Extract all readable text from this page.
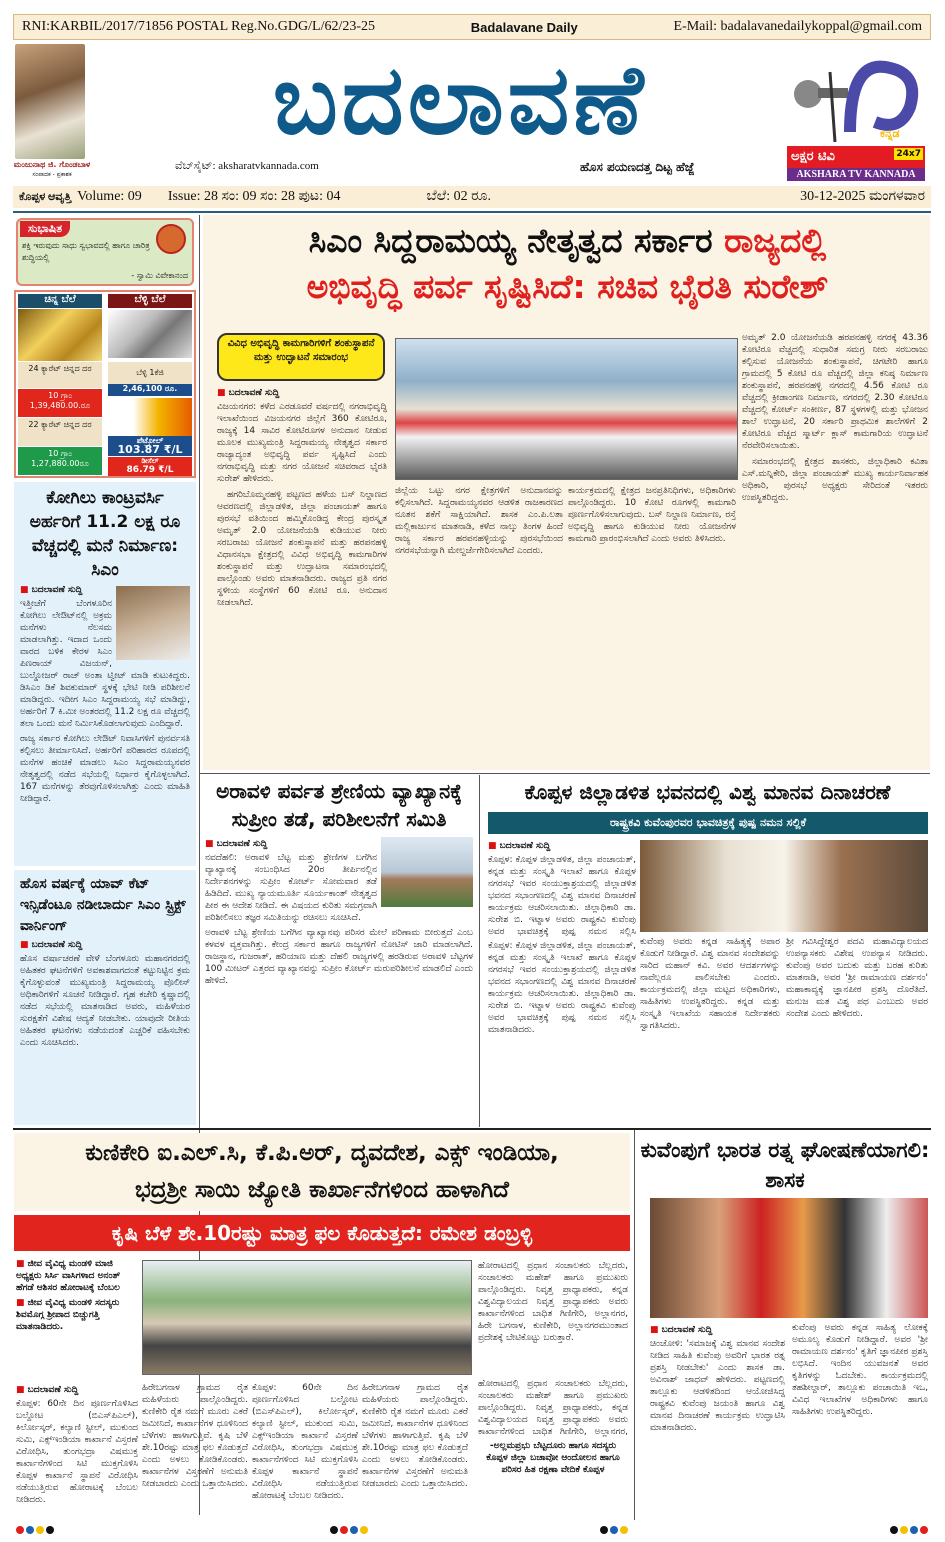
RNI:KARBIL/2017/71856 POSTAL Reg.No.GDG/L/62/23-25	Badalavane Daily	E-Mail: badalavanedailykoppal@gmail.com
ಮಂಜುನಾಥ ಜಿ. ಗೊಂಡಬಾಳ
ಸಂಪಾದಕ - ಪ್ರಕಾಶಕ
ಬದಲಾವಣೆ
ವೆಬ್‌ಸೈಟ್: aksharatvkannada.com	ಹೊಸ ಪಯಣದತ್ತ ದಿಟ್ಟ ಹೆಜ್ಜೆ
ಕನ್ನಡ
ಅಕ್ಷರ ಟಿವಿ	24x7
AKSHARA TV KANNADA
ಕೊಪ್ಪಳ ಆವೃತ್ತಿ Volume: 09 Issue: 28 ಸಂ: 09 ಸಂ: 28 ಪುಟ: 04	ಬೆಲೆ: 02 ರೂ.	30-12-2025 ಮಂಗಳವಾರ
ಸುಭಾಷಿತ
ಶಕ್ತಿ ಇರುವುದು ಸಾಧು ಸ್ವಭಾವದಲ್ಲಿ ಹಾಗೂ ಚಾರಿತ್ರ ಶುದ್ಧಿಯಲ್ಲಿ
- ಸ್ವಾಮಿ ವಿವೇಕಾನಂದ
ಚಿನ್ನ ಬೆಲೆ
24 ಕ್ಯಾರೆಟ್ ಚಿನ್ನದ ದರ
10 ಗ್ರಾಂ
1,39,480.00.ರೂ
22 ಕ್ಯಾರೆಟ್ ಚಿನ್ನದ ದರ
10 ಗ್ರಾಂ
1,27,880.00ರೂ
ಬೆಳ್ಳಿ ಬೆಲೆ
ಬೆಳ್ಳಿ 1ಕೆಜಿ
2,46,100 ರೂ.
ಪೆಟ್ರೋಲ್
103.87 ₹/L
ಡೀಸೆಲ್
86.79 ₹/L
ಕೋಗಿಲು ಕಾಂಟ್ರವರ್ಸಿ ಅರ್ಹರಿಗೆ 11.2 ಲಕ್ಷ ರೂ ವೆಚ್ಚದಲ್ಲಿ ಮನೆ ನಿರ್ಮಾಣ: ಸಿಎಂ
■ ಬದಲಾವಣೆ ಸುದ್ದಿ

ಇತ್ತೀಚೆಗೆ ಬೆಂಗಳೂರಿನ ಕೋಗಿಲು ಲೇಔಟ್‌ನಲ್ಲಿ ಅಕ್ರಮ ಮನೆಗಳು ನೆಲಸಮ ಮಾಡಲಾಗಿತ್ತು. ಇದಾದ ಒಂದು ವಾರದ ಬಳಿಕ ಕೇರಳ ಸಿಎಂ ಪಿಣರಾಯ್ ವಿಜಯನ್, ಬುಲ್ಡೋಜರ್ ರಾಜ್ ಅಂತಾ ಟ್ವೀಟ್ ಮಾಡಿ ಕುಟುಕಿದ್ದರು. ಡಿಸಿಎಂ ಡಿಕೆ ಶಿವಕುಮಾರ್ ಸ್ಥಳಕ್ಕೆ ಭೇಟಿ ನೀಡಿ ಪರಿಶೀಲನೆ ಮಾಡಿದ್ದರು. ಇದೀಗ ಸಿಎಂ ಸಿದ್ದರಾಮಯ್ಯ ಸಭೆ ಮಾಡಿದ್ದು, ಅರ್ಹರಿಗೆ 7 ಕಿ.ಮೀ ಅಂತರದಲ್ಲಿ 11.2 ಲಕ್ಷ ರೂ ವೆಚ್ಚದಲ್ಲಿ ತಲಾ ಒಂದು ಮನೆ ನಿರ್ಮಿಸಿಕೊಡಲಾಗುವುದು ಎಂದಿದ್ದಾರೆ.

ರಾಜ್ಯ ಸರ್ಕಾರ ಕೋಗಿಲು ಲೇಔಟ್ ನಿವಾಸಿಗಳಿಗೆ ಪುನರ್ವಸತಿ ಕಲ್ಪಿಸಲು ತೀರ್ಮಾನಿಸಿದೆ. ಅರ್ಹರಿಗೆ ಪರಿಹಾರದ ರೂಪದಲ್ಲಿ ಮನೆಗಳ ಹಂಚಿಕೆ ಮಾಡಲು ಸಿಎಂ ಸಿದ್ದರಾಮಯ್ಯನವರ ನೇತೃತ್ವದಲ್ಲಿ ನಡೆದ ಸಭೆಯಲ್ಲಿ ನಿರ್ಧಾರ ಕೈಗೊಳ್ಳಲಾಗಿದೆ. 167 ಮನೆಗಳನ್ನು ತೆರವುಗೊಳಿಸಲಾಗಿತ್ತು ಎಂದು ಮಾಹಿತಿ ನೀಡಿದ್ದಾರೆ.

ಹೊಸ ವರ್ಷಕ್ಕೆ ಯಾವ್ ಕೆಟ್ ಇನ್ಸಿಡೆಂಟೂ ನಡೀಬಾರ್ದು ಸಿಎಂ ಸ್ಟ್ರಿಕ್ಟ್ ವಾರ್ನಿಂಗ್
■ ಬದಲಾವಣೆ ಸುದ್ದಿ

ಹೊಸ ವರ್ಷಾಚರಣೆ ವೇಳೆ ಬೆಂಗಳೂರು ಮಹಾನಗರದಲ್ಲಿ ಅಹಿತಕರ ಘಟನೆಗಳಿಗೆ ಅವಕಾಶವಾಗದಂತೆ ಕಟ್ಟುನಿಟ್ಟಿನ ಕ್ರಮ ಕೈಗೊಳ್ಳುವಂತೆ ಮುಖ್ಯಮಂತ್ರಿ ಸಿದ್ದರಾಮಯ್ಯ ಪೊಲೀಸ್ ಅಧಿಕಾರಿಗಳಿಗೆ ಸೂಚನೆ ನೀಡಿದ್ದಾರೆ. ಗೃಹ ಕಚೇರಿ ಕೃಷ್ಣಾದಲ್ಲಿ ನಡೆದ ಸಭೆಯಲ್ಲಿ ಮಾತನಾಡಿದ ಅವರು, ಮಹಿಳೆಯರ ಸುರಕ್ಷತೆಗೆ ವಿಶೇಷ ಆದ್ಯತೆ ನೀಡಬೇಕು. ಯಾವುದೇ ರೀತಿಯ ಅಹಿತಕರ ಘಟನೆಗಳು ನಡೆಯದಂತೆ ಎಚ್ಚರಿಕೆ ವಹಿಸಬೇಕು ಎಂದು ಸೂಚಿಸಿದರು.

ಸಿಎಂ ಸಿದ್ದರಾಮಯ್ಯ ನೇತೃತ್ವದ ಸರ್ಕಾರ ರಾಜ್ಯದಲ್ಲಿ
ಅಭಿವೃದ್ಧಿ ಪರ್ವ ಸೃಷ್ಟಿಸಿದೆ: ಸಚಿವ ಭೈರತಿ ಸುರೇಶ್
ವಿವಿಧ ಅಭಿವೃದ್ಧಿ ಕಾಮಗಾರಿಗಳಿಗೆ ಶಂಕುಸ್ಥಾಪನೆ ಮತ್ತು ಉದ್ಘಾಟನೆ ಸಮಾರಂಭ
■ ಬದಲಾವಣೆ ಸುದ್ದಿ

ವಿಜಯನಗರ: ಕಳೆದ ಎರಡೂವರೆ ವರ್ಷದಲ್ಲಿ ನಗರಾಭಿವೃದ್ಧಿ ಇಲಾಖೆಯಿಂದ ವಿಜಯನಗರ ಜಿಲ್ಲೆಗೆ 360 ಕೋಟಿರೂ, ರಾಜ್ಯಕ್ಕೆ 14 ಸಾವಿರ ಕೋಟಿರೂಗಳ ಅನುದಾನ ನೀಡುವ ಮೂಲಕ ಮುಖ್ಯಮಂತ್ರಿ ಸಿದ್ದರಾಮಯ್ಯ ನೇತೃತ್ವದ ಸರ್ಕಾರ ರಾಜ್ಯಾದ್ಯಂತ ಅಭಿವೃದ್ಧಿ ಪರ್ವ ಸೃಷ್ಟಿಸಿದೆ ಎಂದು ನಗರಾಭಿವೃದ್ಧಿ ಮತ್ತು ನಗರ ಯೋಜನೆ ಸಚಿವರಾದ ಭೈರತಿ ಸುರೇಶ್ ಹೇಳಿದರು.

ಹಗರಿಬೊಮ್ಮನಹಳ್ಳಿ ಪಟ್ಟಣದ ಹಳೆಯ ಬಸ್ ನಿಲ್ದಾಣದ ಆವರಣದಲ್ಲಿ ಜಿಲ್ಲಾಡಳಿತ, ಜಿಲ್ಲಾ ಪಂಚಾಯತ್ ಹಾಗೂ ಪುರಸಭೆ ವತಿಯಿಂದ ಹಮ್ಮಿಕೊಂಡಿದ್ದ ಕೇಂದ್ರ ಪುರಸ್ಕೃತ ಅಮೃತ್ 2.0 ಯೋಜನೆಯಡಿ ಕುಡಿಯುವ ನೀರು ಸರಬರಾಜು ಯೋಜನೆ ಶಂಕುಸ್ಥಾಪನೆ ಮತ್ತು ಹರಪನಹಳ್ಳಿ ವಿಧಾನಸಭಾ ಕ್ಷೇತ್ರದಲ್ಲಿ ವಿವಿಧ ಅಭಿವೃದ್ಧಿ ಕಾಮಗಾರಿಗಳ ಶಂಕುಸ್ಥಾಪನೆ ಮತ್ತು ಉದ್ಘಾಟನಾ ಸಮಾರಂಭದಲ್ಲಿ ಪಾಲ್ಗೊಂಡು ಅವರು ಮಾತನಾಡಿದರು. ರಾಜ್ಯದ ಪ್ರತಿ ನಗರ ಸ್ಥಳೀಯ ಸಂಸ್ಥೆಗಳಿಗೆ 60 ಕೋಟಿ ರೂ. ಅನುದಾನ ನೀಡಲಾಗಿದೆ.

ಜಿಲ್ಲೆಯ ಒಟ್ಟು ನಗರ ಕ್ಷೇತ್ರಗಳಿಗೆ ಅನುದಾನವನ್ನು ಕಲ್ಪಿಸಲಾಗಿದೆ. ಸಿದ್ದರಾಮಯ್ಯನವರ ಆಡಳಿತ ರಾಜಕಾರಣದ ನೂತನ ಶಕೆಗೆ ಸಾಕ್ಷಿಯಾಗಿದೆ. ಶಾಸಕ ಎಂ.ಪಿ.ಲತಾ ಮಲ್ಲಿಕಾರ್ಜುನ ಮಾತನಾಡಿ, ಕಳೆದ ನಾಲ್ಕು ತಿಂಗಳ ಹಿಂದೆ ರಾಜ್ಯ ಸರ್ಕಾರ ಹರಪನಹಳ್ಳಿಯನ್ನು ಪುರಸಭೆಯಿಂದ ನಗರಸಭೆಯನ್ನಾಗಿ ಮೇಲ್ದರ್ಜೆಗೇರಿಸಲಾಗಿದೆ ಎಂದರು.

ಕಾರ್ಯಕ್ರಮದಲ್ಲಿ ಕ್ಷೇತ್ರದ ಜನಪ್ರತಿನಿಧಿಗಳು, ಅಧಿಕಾರಿಗಳು ಪಾಲ್ಗೊಂಡಿದ್ದರು. 10 ಕೋಟಿ ರೂಗಳಲ್ಲಿ ಕಾಮಗಾರಿ ಪೂರ್ಣಗೊಳಿಸಲಾಗುವುದು. ಬಸ್ ನಿಲ್ದಾಣ ನಿರ್ಮಾಣ, ರಸ್ತೆ ಅಭಿವೃದ್ಧಿ ಹಾಗೂ ಕುಡಿಯುವ ನೀರು ಯೋಜನೆಗಳ ಕಾಮಗಾರಿ ಪ್ರಾರಂಭಿಸಲಾಗಿದೆ ಎಂದು ಅವರು ತಿಳಿಸಿದರು.

ಅಮೃತ್ 2.0 ಯೋಜನೆಯಡಿ ಹರಪನಹಳ್ಳಿ ನಗರಕ್ಕೆ 43.36 ಕೋಟಿರೂ ವೆಚ್ಚದಲ್ಲಿ ಸುಧಾರಿತ ಸಮಗ್ರ ನೀರು ಸರಬರಾಜು ಕಲ್ಪಿಸುವ ಯೋಜನೆಯ ಶಂಕುಸ್ಥಾಪನೆ, ಚಿಗಟೇರಿ ಹಾಗೂ ಗ್ರಾಮದಲ್ಲಿ 5 ಕೋಟಿ ರೂ ವೆಚ್ಚದಲ್ಲಿ ಜಿಲ್ಲಾ ಕನಿಷ್ಠ ನಿರ್ಮಾಣ ಶಂಕುಸ್ಥಾಪನೆ, ಹರಪನಹಳ್ಳಿ ನಗರದಲ್ಲಿ 4.56 ಕೋಟಿ ರೂ ವೆಚ್ಚದಲ್ಲಿ ಕ್ರೀಡಾಂಗಣ ನಿರ್ಮಾಣ, ನಗರದಲ್ಲಿ 2.30 ಕೋಟಿರೂ ವೆಚ್ಚದಲ್ಲಿ ಕೋರ್ಟ್ ಸಂಕೀರ್ಣ, 87 ಸ್ಥಳಗಳಲ್ಲಿ ಮತ್ತು ಭೋಜನ ಶಾಲೆ ಉದ್ಘಾಟನೆ, 20 ಸರ್ಕಾರಿ ಪ್ರಾಥಮಿಕ ಶಾಲೆಗಳಿಗೆ 2 ಕೋಟಿರೂ ವೆಚ್ಚದ ಸ್ಮಾರ್ಟ್ ಕ್ಲಾಸ್ ಕಾಮಗಾರಿಯ ಉದ್ಘಾಟನೆ ನೆರವೇರಿಸಲಾಯಿತು.

ಸಮಾರಂಭದಲ್ಲಿ ಕ್ಷೇತ್ರದ ಶಾಸಕರು, ಜಿಲ್ಲಾಧಿಕಾರಿ ಕವಿತಾ ಎಸ್.ಮನ್ನಿಕೇರಿ, ಜಿಲ್ಲಾ ಪಂಚಾಯತ್ ಮುಖ್ಯ ಕಾರ್ಯನಿರ್ವಾಹಕ ಅಧಿಕಾರಿ, ಪುರಸಭೆ ಅಧ್ಯಕ್ಷರು ಸೇರಿದಂತೆ ಇತರರು ಉಪಸ್ಥಿತರಿದ್ದರು.

ಅರಾವಳಿ ಪರ್ವತ ಶ್ರೇಣಿಯ ವ್ಯಾಖ್ಯಾನಕ್ಕೆ ಸುಪ್ರೀಂ ತಡೆ, ಪರಿಶೀಲನೆಗೆ ಸಮಿತಿ
■ ಬದಲಾವಣೆ ಸುದ್ದಿ

ನವದೆಹಲಿ: ಅರಾವಳಿ ಬೆಟ್ಟ ಮತ್ತು ಶ್ರೇಣಿಗಳ ಬಗೆಗಿನ ವ್ಯಾಖ್ಯಾನಕ್ಕೆ ಸಂಬಂಧಿಸಿದ 20ರ ತೀರ್ಪಿನಲ್ಲಿನ ನಿರ್ದೇಶನಗಳನ್ನು ಸುಪ್ರೀಂ ಕೋರ್ಟ್ ಸೋಮವಾರ ತಡೆ ಹಿಡಿದಿದೆ. ಮುಖ್ಯ ನ್ಯಾಯಮೂರ್ತಿ ಸೂರ್ಯಕಾಂತ್ ನೇತೃತ್ವದ ಪೀಠ ಈ ಆದೇಶ ನೀಡಿದೆ. ಈ ವಿಷಯದ ಕುರಿತು ಸಮಗ್ರವಾಗಿ ಪರಿಶೀಲಿಸಲು ತಜ್ಞರ ಸಮಿತಿಯನ್ನು ರಚಿಸಲು ಸೂಚಿಸಿದೆ.

ಅರಾವಳಿ ಬೆಟ್ಟ ಶ್ರೇಣಿಯ ಬಗೆಗಿನ ವ್ಯಾಖ್ಯಾನವು ಪರಿಸರ ಮೇಲೆ ಪರಿಣಾಮ ಬೀರುತ್ತದೆ ಎಂಬ ಕಳವಳ ವ್ಯಕ್ತವಾಗಿತ್ತು. ಕೇಂದ್ರ ಸರ್ಕಾರ ಹಾಗೂ ರಾಜ್ಯಗಳಿಗೆ ನೋಟಿಸ್ ಜಾರಿ ಮಾಡಲಾಗಿದೆ. ರಾಜಸ್ಥಾನ, ಗುಜರಾತ್, ಹರಿಯಾಣ ಮತ್ತು ದೆಹಲಿ ರಾಜ್ಯಗಳಲ್ಲಿ ಹರಡಿರುವ ಅರಾವಳಿ ಬೆಟ್ಟಗಳ 100 ಮೀಟರ್ ಎತ್ತರದ ವ್ಯಾಖ್ಯಾನವನ್ನು ಸುಪ್ರೀಂ ಕೋರ್ಟ್ ಮರುಪರಿಶೀಲನೆ ಮಾಡಲಿದೆ ಎಂದು ಹೇಳಿದೆ.

ಕೊಪ್ಪಳ ಜಿಲ್ಲಾಡಳಿತ ಭವನದಲ್ಲಿ ವಿಶ್ವ ಮಾನವ ದಿನಾಚರಣೆ
ರಾಷ್ಟ್ರಕವಿ ಕುವೆಂಪುರವರ ಭಾವಚಿತ್ರಕ್ಕೆ ಪುಷ್ಪ ನಮನ ಸಲ್ಲಿಕೆ
■ ಬದಲಾವಣೆ ಸುದ್ದಿ

ಕೊಪ್ಪಳ: ಕೊಪ್ಪಳ ಜಿಲ್ಲಾಡಳಿತ, ಜಿಲ್ಲಾ ಪಂಚಾಯತ್, ಕನ್ನಡ ಮತ್ತು ಸಂಸ್ಕೃತಿ ಇಲಾಖೆ ಹಾಗೂ ಕೊಪ್ಪಳ ನಗರಸಭೆ ಇವರ ಸಂಯುಕ್ತಾಶ್ರಯದಲ್ಲಿ ಜಿಲ್ಲಾಡಳಿತ ಭವನದ ಸಭಾಂಗಣದಲ್ಲಿ ವಿಶ್ವ ಮಾನವ ದಿನಾಚರಣೆ ಕಾರ್ಯಕ್ರಮ ಆಚರಿಸಲಾಯಿತು. ಜಿಲ್ಲಾಧಿಕಾರಿ ಡಾ. ಸುರೇಶ ಬಿ. ಇಟ್ನಾಳ ಅವರು ರಾಷ್ಟ್ರಕವಿ ಕುವೆಂಪು ಅವರ ಭಾವಚಿತ್ರಕ್ಕೆ ಪುಷ್ಪ ನಮನ ಸಲ್ಲಿಸಿ

ಕೊಪ್ಪಳ: ಕೊಪ್ಪಳ ಜಿಲ್ಲಾಡಳಿತ, ಜಿಲ್ಲಾ ಪಂಚಾಯತ್, ಕನ್ನಡ ಮತ್ತು ಸಂಸ್ಕೃತಿ ಇಲಾಖೆ ಹಾಗೂ ಕೊಪ್ಪಳ ನಗರಸಭೆ ಇವರ ಸಂಯುಕ್ತಾಶ್ರಯದಲ್ಲಿ ಜಿಲ್ಲಾಡಳಿತ ಭವನದ ಸಭಾಂಗಣದಲ್ಲಿ ವಿಶ್ವ ಮಾನವ ದಿನಾಚರಣೆ ಕಾರ್ಯಕ್ರಮ ಆಚರಿಸಲಾಯಿತು. ಜಿಲ್ಲಾಧಿಕಾರಿ ಡಾ. ಸುರೇಶ ಬಿ. ಇಟ್ನಾಳ ಅವರು ರಾಷ್ಟ್ರಕವಿ ಕುವೆಂಪು ಅವರ ಭಾವಚಿತ್ರಕ್ಕೆ ಪುಷ್ಪ ನಮನ ಸಲ್ಲಿಸಿ ಮಾತನಾಡಿದರು.

ಕುವೆಂಪು ಅವರು ಕನ್ನಡ ಸಾಹಿತ್ಯಕ್ಕೆ ಅಪಾರ ಕೊಡುಗೆ ನೀಡಿದ್ದಾರೆ. ವಿಶ್ವ ಮಾನವ ಸಂದೇಶವನ್ನು ಸಾರಿದ ಮಹಾನ್ ಕವಿ. ಅವರ ಆದರ್ಶಗಳನ್ನು ನಾವೆಲ್ಲರೂ ಪಾಲಿಸಬೇಕು ಎಂದರು. ಕಾರ್ಯಕ್ರಮದಲ್ಲಿ ಜಿಲ್ಲಾ ಮಟ್ಟದ ಅಧಿಕಾರಿಗಳು, ಸಾಹಿತಿಗಳು ಉಪಸ್ಥಿತರಿದ್ದರು. ಕನ್ನಡ ಮತ್ತು ಸಂಸ್ಕೃತಿ ಇಲಾಖೆಯ ಸಹಾಯಕ ನಿರ್ದೇಶಕರು ಸ್ವಾಗತಿಸಿದರು.

ಶ್ರೀ ಗವಿಸಿದ್ದೇಶ್ವರ ಪದವಿ ಮಹಾವಿದ್ಯಾಲಯದ ಉಪನ್ಯಾಸಕರು ವಿಶೇಷ ಉಪನ್ಯಾಸ ನೀಡಿದರು. ಕುವೆಂಪು ಅವರ ಬದುಕು ಮತ್ತು ಬರಹ ಕುರಿತು ಮಾತನಾಡಿ, ಅವರ 'ಶ್ರೀ ರಾಮಾಯಣ ದರ್ಶನಂ' ಮಹಾಕಾವ್ಯಕ್ಕೆ ಜ್ಞಾನಪೀಠ ಪ್ರಶಸ್ತಿ ದೊರೆತಿದೆ. ಮನುಜ ಮತ ವಿಶ್ವ ಪಥ ಎಂಬುದು ಅವರ ಸಂದೇಶ ಎಂದು ಹೇಳಿದರು.

ಕುಣಿಕೇರಿ ಐ.ಎಲ್.ಸಿ, ಕೆ.ಪಿ.ಅರ್, ದೃವದೇಶ, ಎಕ್ಸ್ ಇಂಡಿಯಾ,
ಭದ್ರಶ್ರೀ ಸಾಯಿ ಜ್ಯೋತಿ ಕಾರ್ಖಾನೆಗಳಿಂದ ಹಾಳಾಗಿದೆ
ಕೃಷಿ ಬೆಳೆ ಶೇ.10ರಷ್ಟು ಮಾತ್ರ ಫಲ ಕೊಡುತ್ತದೆ: ರಮೇಶ ಡಂಬ್ರಳ್ಳಿ
■ ಜೀವ ವೈವಿಧ್ಯ ಮಂಡಳಿ ಮಾಜಿ ಅಧ್ಯಕ್ಷರು ಸಿರ್ಸಿ ವಾಸಿಗಳಾದ ಅನಂತ್ ಹೆಗಡೆ ಆಶಿಸರ ಹೋರಾಟಕ್ಕೆ ಬೆಂಬಲ
■ ಜೀವ ವೈವಿಧ್ಯ ಮಂಡಳಿ ಸದಸ್ಯರು ಶಿವಮೊಗ್ಗ ಶ್ರೀಪಾದ ಬಿಚ್ಚುಗತ್ತಿ ಮಾತನಾಡಿದರು.

ಹೋರಾಟದಲ್ಲಿ ಪ್ರಧಾನ ಸಂಚಾಲಕರು ಬೆಲ್ಲದರು, ಸಂಚಾಲಕರು ಮಹೇಶ್ ಹಾಗೂ ಪ್ರಮುಖರು ಪಾಲ್ಗೊಂಡಿದ್ದರು. ನಿವೃತ್ತ ಪ್ರಾಧ್ಯಾಪಕರು, ಕನ್ನಡ ವಿಶ್ವವಿದ್ಯಾಲಯದ ನಿವೃತ್ತ ಪ್ರಾಧ್ಯಾಪಕರು ಅವರು ಕಾರ್ಖಾನೆಗಳಿಂದ ಬಾಧಿತ ಗಿಣಿಗೇರಿ, ಅಲ್ಲಾನಗರ, ಹಿರೇ ಬಗನಾಳ, ಕುಣಿಕೇರಿ, ಅಲ್ಲಾನಗರಮುಂತಾದ ಪ್ರದೇಶಕ್ಕೆ ಬೇಟಿಕೊಟ್ಟು ಬರುತ್ತಾರೆ.

■ ಬದಲಾವಣೆ ಸುದ್ದಿ

ಕೊಪ್ಪಳ: 60ನೇ ದಿನ ಪೂರ್ಣಗೊಳಿಸಿದ ಬಲ್ದೋಟ (ಬಿಎಸ್‌ಪಿಎಲ್), ಕಿರ್ಲೋಸ್ಕರ್, ಕಲ್ಯಾಣಿ ಸ್ಟೀಲ್, ಮುಕುಂದ ಸುಮಿ, ಎಕ್ಸ್‌ಇಂಡಿಯಾ ಕಾರ್ಖಾನೆ ವಿಸ್ತರಣೆ ವಿರೋಧಿಸಿ, ತುಂಗಭದ್ರಾ ವಿಷಮುಕ್ತ ಕಾರ್ಖಾನೆಗಳಿಂದ ಸಿಟಿ ಮುಕ್ತಗೊಳಿಸಿ ಕೊಪ್ಪಳ ಕಾರ್ಖಾನೆ ಸ್ಥಾಪನೆ ವಿರೋಧಿಸಿ ನಡೆಯುತ್ತಿರುವ ಹೋರಾಟಕ್ಕೆ ಬೆಂಬಲ ನೀಡಿದರು.

ಹಿರೇಬಗನಾಳ ಗ್ರಾಮದ ರೈತ ಮಹಿಳೆಯರು ಪಾಲ್ಗೊಂಡಿದ್ದರು. ಕುಣಿಕೇರಿ ರೈತ ನಮಗೆ ಮೂರು ಎಕರೆ ಜಮೀನಿದೆ, ಕಾರ್ಖಾನೆಗಳ ಧೂಳಿನಿಂದ ಬೆಳೆಗಳು ಹಾಳಾಗುತ್ತಿವೆ. ಕೃಷಿ ಬೆಳೆ ಶೇ.10ರಷ್ಟು ಮಾತ್ರ ಫಲ ಕೊಡುತ್ತದೆ ಎಂದು ಅಳಲು ತೋಡಿಕೊಂಡರು. ಕಾರ್ಖಾನೆಗಳ ವಿಸ್ತರಣೆಗೆ ಅನುಮತಿ ನೀಡಬಾರದು ಎಂದು ಒತ್ತಾಯಿಸಿದರು.

ಕೊಪ್ಪಳ: 60ನೇ ದಿನ ಪೂರ್ಣಗೊಳಿಸಿದ ಬಲ್ದೋಟ (ಬಿಎಸ್‌ಪಿಎಲ್), ಕಿರ್ಲೋಸ್ಕರ್, ಕಲ್ಯಾಣಿ ಸ್ಟೀಲ್, ಮುಕುಂದ ಸುಮಿ, ಎಕ್ಸ್‌ಇಂಡಿಯಾ ಕಾರ್ಖಾನೆ ವಿಸ್ತರಣೆ ವಿರೋಧಿಸಿ, ತುಂಗಭದ್ರಾ ವಿಷಮುಕ್ತ ಕಾರ್ಖಾನೆಗಳಿಂದ ಸಿಟಿ ಮುಕ್ತಗೊಳಿಸಿ ಕೊಪ್ಪಳ ಕಾರ್ಖಾನೆ ಸ್ಥಾಪನೆ ವಿರೋಧಿಸಿ ನಡೆಯುತ್ತಿರುವ ಹೋರಾಟಕ್ಕೆ ಬೆಂಬಲ ನೀಡಿದರು.

ಹಿರೇಬಗನಾಳ ಗ್ರಾಮದ ರೈತ ಮಹಿಳೆಯರು ಪಾಲ್ಗೊಂಡಿದ್ದರು. ಕುಣಿಕೇರಿ ರೈತ ನಮಗೆ ಮೂರು ಎಕರೆ ಜಮೀನಿದೆ, ಕಾರ್ಖಾನೆಗಳ ಧೂಳಿನಿಂದ ಬೆಳೆಗಳು ಹಾಳಾಗುತ್ತಿವೆ. ಕೃಷಿ ಬೆಳೆ ಶೇ.10ರಷ್ಟು ಮಾತ್ರ ಫಲ ಕೊಡುತ್ತದೆ ಎಂದು ಅಳಲು ತೋಡಿಕೊಂಡರು. ಕಾರ್ಖಾನೆಗಳ ವಿಸ್ತರಣೆಗೆ ಅನುಮತಿ ನೀಡಬಾರದು ಎಂದು ಒತ್ತಾಯಿಸಿದರು.

ಹೋರಾಟದಲ್ಲಿ ಪ್ರಧಾನ ಸಂಚಾಲಕರು ಬೆಲ್ಲದರು, ಸಂಚಾಲಕರು ಮಹೇಶ್ ಹಾಗೂ ಪ್ರಮುಖರು ಪಾಲ್ಗೊಂಡಿದ್ದರು. ನಿವೃತ್ತ ಪ್ರಾಧ್ಯಾಪಕರು, ಕನ್ನಡ ವಿಶ್ವವಿದ್ಯಾಲಯದ ನಿವೃತ್ತ ಪ್ರಾಧ್ಯಾಪಕರು ಅವರು ಕಾರ್ಖಾನೆಗಳಿಂದ ಬಾಧಿತ ಗಿಣಿಗೇರಿ, ಅಲ್ಲಾನಗರ,

-ಅಲ್ಲಮಪ್ರಭು ಬೆಟ್ಟದೂರು ಹಾಗೂ ಸದಸ್ಯರು ಕೊಪ್ಪಳ ಜಿಲ್ಲಾ ಬಚಾವೋ ಆಂದೋಲನ ಹಾಗೂ ಪರಿಸರ ಹಿತ ರಕ್ಷಣಾ ವೇದಿಕೆ ಕೊಪ್ಪಳ

ಕುವೆಂಪುಗೆ ಭಾರತ ರತ್ನ ಘೋಷಣೆಯಾಗಲಿ: ಶಾಸಕ
■ ಬದಲಾವಣೆ ಸುದ್ದಿ

ಚಿಂಚೋಳಿ: 'ಸಮಾಜಕ್ಕೆ ವಿಶ್ವ ಮಾನವ ಸಂದೇಶ ನೀಡಿದ ಸಾಹಿತಿ ಕುವೆಂಪು ಅವರಿಗೆ ಭಾರತ ರತ್ನ ಪ್ರಶಸ್ತಿ ನೀಡಬೇಕು' ಎಂದು ಶಾಸಕ ಡಾ. ಅವಿನಾಶ್ ಜಾಧವ್ ಹೇಳಿದರು. ಪಟ್ಟಣದಲ್ಲಿ ತಾಲ್ಲೂಕು ಆಡಳಿತದಿಂದ ಆಯೋಜಿಸಿದ್ದ ರಾಷ್ಟ್ರಕವಿ ಕುವೆಂಪು ಜಯಂತಿ ಹಾಗೂ ವಿಶ್ವ ಮಾನವ ದಿನಾಚರಣೆ ಕಾರ್ಯಕ್ರಮ ಉದ್ಘಾಟಿಸಿ ಮಾತನಾಡಿದರು.

ಕುವೆಂಪು ಅವರು ಕನ್ನಡ ಸಾಹಿತ್ಯ ಲೋಕಕ್ಕೆ ಅಮೂಲ್ಯ ಕೊಡುಗೆ ನೀಡಿದ್ದಾರೆ. ಅವರ 'ಶ್ರೀ ರಾಮಾಯಣ ದರ್ಶನಂ' ಕೃತಿಗೆ ಜ್ಞಾನಪೀಠ ಪ್ರಶಸ್ತಿ ಲಭಿಸಿದೆ. ಇಂದಿನ ಯುವಜನತೆ ಅವರ ಕೃತಿಗಳನ್ನು ಓದಬೇಕು. ಕಾರ್ಯಕ್ರಮದಲ್ಲಿ ತಹಶೀಲ್ದಾರ್, ತಾಲ್ಲೂಕು ಪಂಚಾಯಿತಿ ಇಒ, ವಿವಿಧ ಇಲಾಖೆಗಳ ಅಧಿಕಾರಿಗಳು ಹಾಗೂ ಸಾಹಿತಿಗಳು ಉಪಸ್ಥಿತರಿದ್ದರು.
